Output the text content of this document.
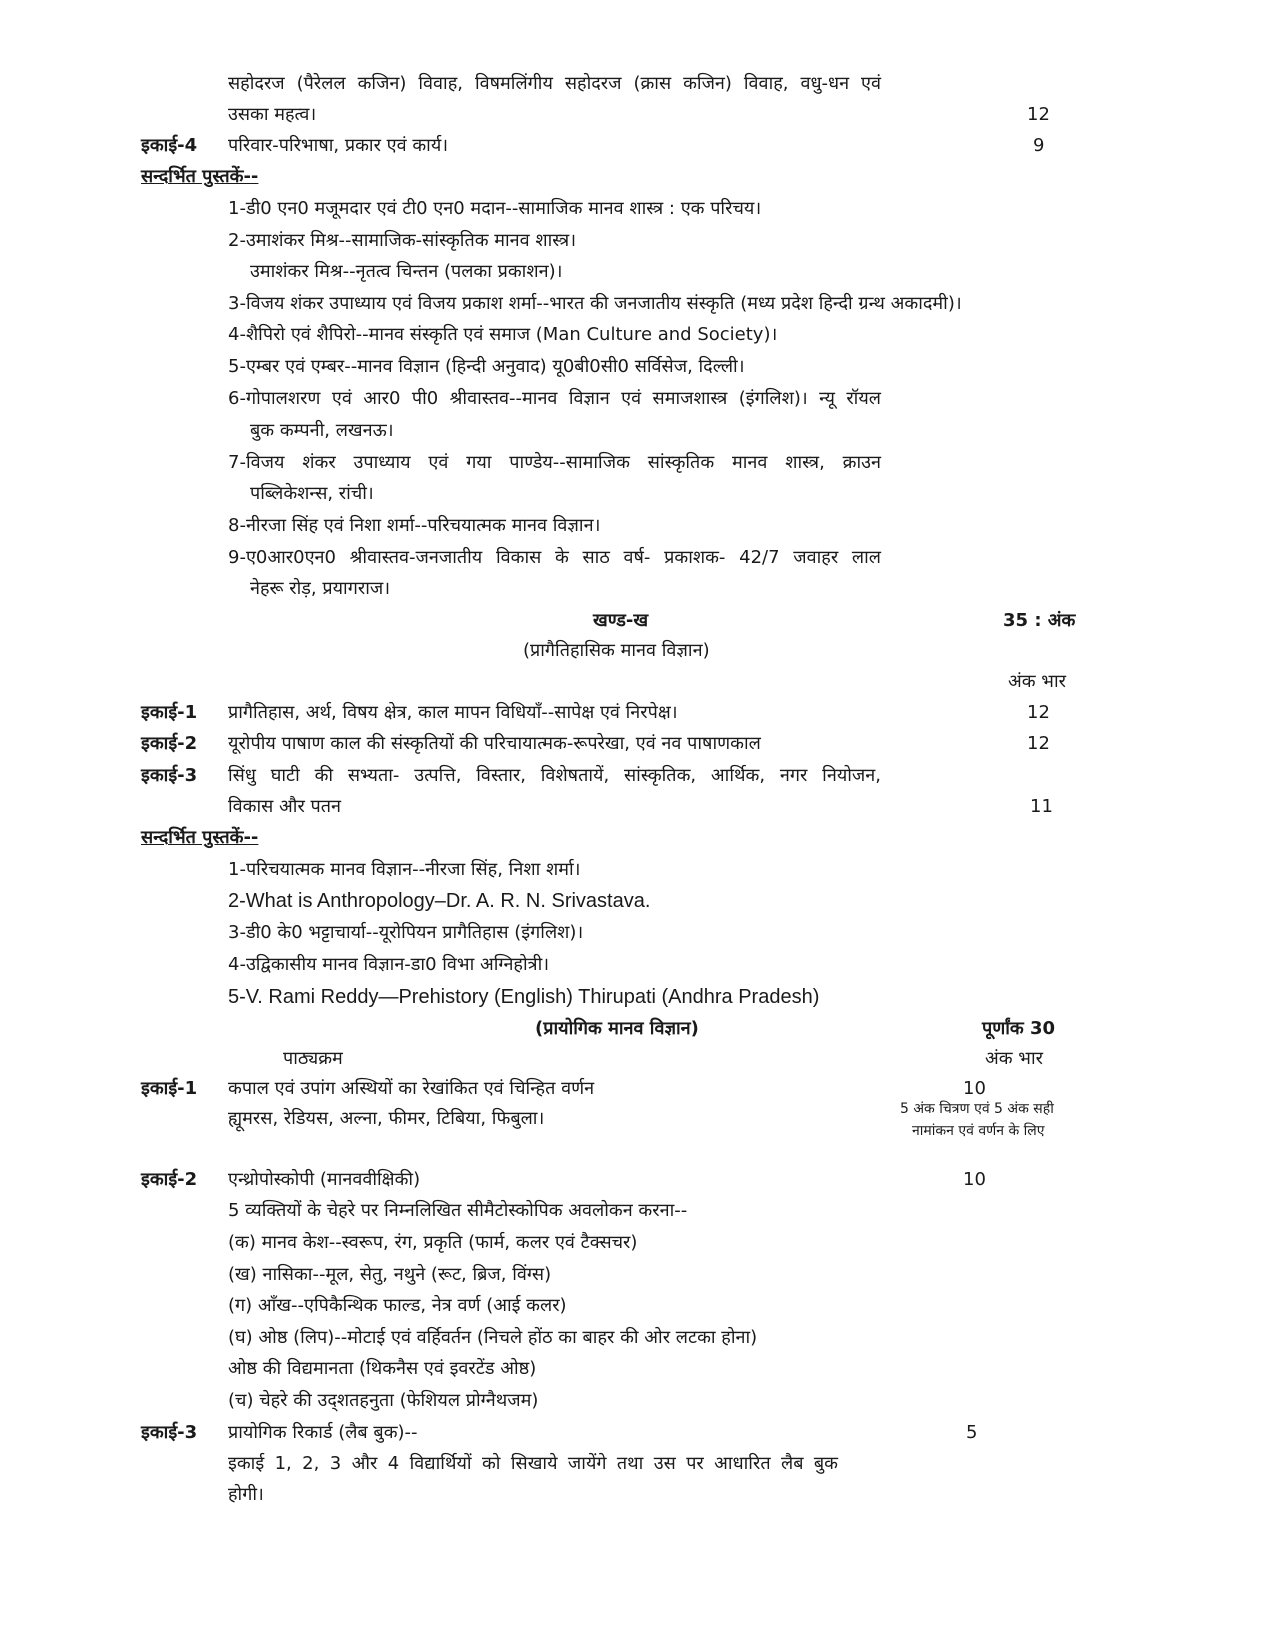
सहोदरज (पैरेलल कजिन) विवाह, विषमलिंगीय सहोदरज (क्रास कजिन) विवाह, वधु-धन एवं
उसका महत्व।	12
इकाई-4 परिवार-परिभाषा, प्रकार एवं कार्य।	9
सन्दर्भित पुस्तकें--
1-डी0 एन0 मजूमदार एवं टी0 एन0 मदान--सामाजिक मानव शास्त्र : एक परिचय।
2-उमाशंकर मिश्र--सामाजिक-सांस्कृतिक मानव शास्त्र।
उमाशंकर मिश्र--नृतत्व चिन्तन (पलका प्रकाशन)।
3-विजय शंकर उपाध्याय एवं विजय प्रकाश शर्मा--भारत की जनजातीय संस्कृति (मध्य प्रदेश हिन्दी ग्रन्थ अकादमी)।
4-शैपिरो एवं शैपिरो--मानव संस्कृति एवं समाज (Man Culture and Society)।
5-एम्बर एवं एम्बर--मानव विज्ञान (हिन्दी अनुवाद) यू0बी0सी0 सर्विसेज, दिल्ली।
6-गोपालशरण एवं आर0 पी0 श्रीवास्तव--मानव विज्ञान एवं समाजशास्त्र (इंगलिश)। न्यू रॉयल
बुक कम्पनी, लखनऊ।
7-विजय शंकर उपाध्याय एवं गया पाण्डेय--सामाजिक सांस्कृतिक मानव शास्त्र, क्राउन
पब्लिकेशन्स, रांची।
8-नीरजा सिंह एवं निशा शर्मा--परिचयात्मक मानव विज्ञान।
9-ए0आर0एन0 श्रीवास्तव-जनजातीय विकास के साठ वर्ष- प्रकाशक- 42/7 जवाहर लाल
नेहरू रोड़, प्रयागराज।
खण्ड-ख	35 : अंक
(प्रागैतिहासिक मानव विज्ञान)
अंक भार
इकाई-1 प्रागैतिहास, अर्थ, विषय क्षेत्र, काल मापन विधियाँ--सापेक्ष एवं निरपेक्ष।	12
इकाई-2 यूरोपीय पाषाण काल की संस्कृतियों की परिचायात्मक-रूपरेखा, एवं नव पाषाणकाल	12
इकाई-3 सिंधु घाटी की सभ्यता- उत्पत्ति, विस्तार, विशेषतायें, सांस्कृतिक, आर्थिक, नगर नियोजन,
विकास और पतन	11
सन्दर्भित पुस्तकें--
1-परिचयात्मक मानव विज्ञान--नीरजा सिंह, निशा शर्मा।
2-What is Anthropology–Dr. A. R. N. Srivastava.
3-डी0 के0 भट्टाचार्या--यूरोपियन प्रागैतिहास (इंगलिश)।
4-उद्विकासीय मानव विज्ञान-डा0 विभा अग्निहोत्री।
5-V. Rami Reddy—Prehistory (English) Thirupati (Andhra Pradesh)
(प्रायोगिक मानव विज्ञान)	पूर्णांक 30
पाठ्यक्रम	अंक भार
इकाई-1 कपाल एवं उपांग अस्थियों का रेखांकित एवं चिन्हित वर्णन	10
ह्यूमरस, रेडियस, अल्ना, फीमर, टिबिया, फिबुला।	5 अंक चित्रण एवं 5 अंक सही
नामांकन एवं वर्णन के लिए
इकाई-2 एन्थ्रोपोस्कोपी (मानववीक्षिकी)	10
5 व्यक्तियों के चेहरे पर निम्नलिखित सीमैटोस्कोपिक अवलोकन करना--
(क) मानव केश--स्वरूप, रंग, प्रकृति (फार्म, कलर एवं टैक्सचर)
(ख) नासिका--मूल, सेतु, नथुने (रूट, ब्रिज, विंग्स)
(ग) आँख--एपिकैन्थिक फाल्ड, नेत्र वर्ण (आई कलर)
(घ) ओष्ठ (लिप)--मोटाई एवं वर्हिवर्तन (निचले होंठ का बाहर की ओर लटका होना)
ओष्ठ की विद्यमानता (थिकनैस एवं इवरटेंड ओष्ठ)
(च) चेहरे की उद्शतहनुता (फेशियल प्रोग्नैथजम)
इकाई-3 प्रायोगिक रिकार्ड (लैब बुक)--	5
इकाई 1, 2, 3 और 4 विद्यार्थियों को सिखाये जायेंगे तथा उस पर आधारित लैब बुक
होगी।
